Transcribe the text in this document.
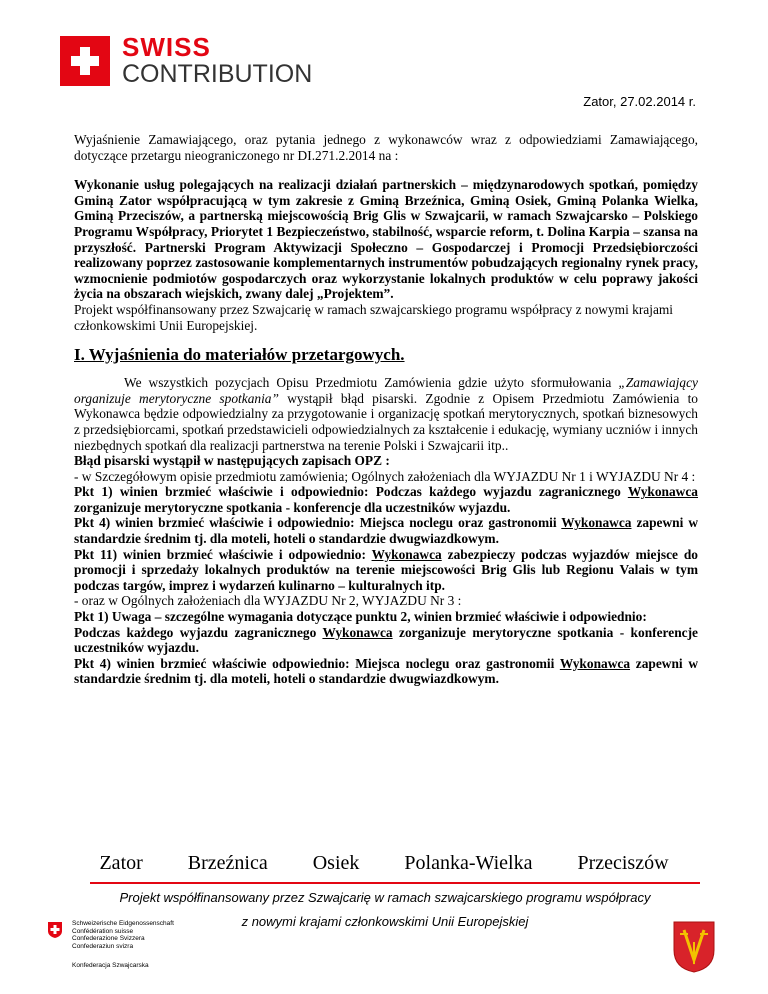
SWISS
CONTRIBUTION
Zator, 27.02.2014 r.

Wyjaśnienie Zamawiającego, oraz pytania jednego z wykonawców wraz z odpowiedziami Zamawiającego, dotyczące przetargu nieograniczonego nr DI.271.2.2014 na :

Wykonanie usług polegających na realizacji działań partnerskich – międzynarodowych spotkań, pomiędzy Gminą Zator współpracującą w tym zakresie z Gminą Brzeźnica, Gminą Osiek, Gminą Polanka Wielka, Gminą Przeciszów, a partnerską miejscowością Brig Glis w Szwajcarii, w ramach Szwajcarsko – Polskiego Programu Współpracy, Priorytet 1 Bezpieczeństwo, stabilność, wsparcie reform, t. Dolina Karpia – szansa na przyszłość. Partnerski Program Aktywizacji Społeczno – Gospodarczej i Promocji Przedsiębiorczości realizowany poprzez zastosowanie komplementarnych instrumentów pobudzających regionalny rynek pracy, wzmocnienie podmiotów gospodarczych oraz wykorzystanie lokalnych produktów w celu poprawy jakości życia na obszarach wiejskich, zwany dalej „Projektem”.

Projekt współfinansowany przez Szwajcarię w ramach szwajcarskiego programu współpracy z nowymi krajami członkowskimi Unii Europejskiej.

I. Wyjaśnienia do materiałów przetargowych.

We wszystkich pozycjach Opisu Przedmiotu Zamówienia gdzie użyto sformułowania „Zamawiający organizuje merytoryczne spotkania” wystąpił błąd pisarski. Zgodnie z Opisem Przedmiotu Zamówienia to Wykonawca będzie odpowiedzialny za przygotowanie i organizację spotkań merytorycznych, spotkań biznesowych z przedsiębiorcami, spotkań przedstawicieli odpowiedzialnych za kształcenie i edukację, wymiany uczniów i innych niezbędnych spotkań dla realizacji partnerstwa na terenie Polski i Szwajcarii itp..

Błąd pisarski wystąpił w następujących zapisach OPZ :

- w Szczegółowym opisie przedmiotu zamówienia; Ogólnych założeniach dla WYJAZDU Nr 1 i WYJAZDU Nr 4 :

Pkt 1) winien brzmieć właściwie i odpowiednio: Podczas każdego wyjazdu zagranicznego Wykonawca zorganizuje merytoryczne spotkania - konferencje dla uczestników wyjazdu.

Pkt 4) winien brzmieć właściwie i odpowiednio: Miejsca noclegu oraz gastronomii Wykonawca zapewni w standardzie średnim tj. dla moteli, hoteli o standardzie dwugwiazdkowym.

Pkt 11) winien brzmieć właściwie i odpowiednio: Wykonawca zabezpieczy podczas wyjazdów miejsce do promocji i sprzedaży lokalnych produktów na terenie miejscowości Brig Glis lub Regionu Valais w tym podczas targów, imprez i wydarzeń kulinarno – kulturalnych itp.

- oraz w Ogólnych założeniach dla WYJAZDU Nr 2, WYJAZDU Nr 3 :

Pkt 1) Uwaga – szczególne wymagania dotyczące punktu 2, winien brzmieć właściwie i odpowiednio:

Podczas każdego wyjazdu zagranicznego Wykonawca zorganizuje merytoryczne spotkania - konferencje uczestników wyjazdu.

Pkt 4) winien brzmieć właściwie odpowiednio: Miejsca noclegu oraz gastronomii Wykonawca zapewni w standardzie średnim tj. dla moteli, hoteli o standardzie dwugwiazdkowym.

Zator Brzeźnica Osiek Polanka-Wielka Przeciszów
Projekt współfinansowany przez Szwajcarię w ramach szwajcarskiego programu współpracy
z nowymi krajami członkowskimi Unii Europejskiej
Schweizerische Eidgenossenschaft
Confédération suisse
Confederazione Svizzera
Confederaziun svizra
Konfederacja Szwajcarska
